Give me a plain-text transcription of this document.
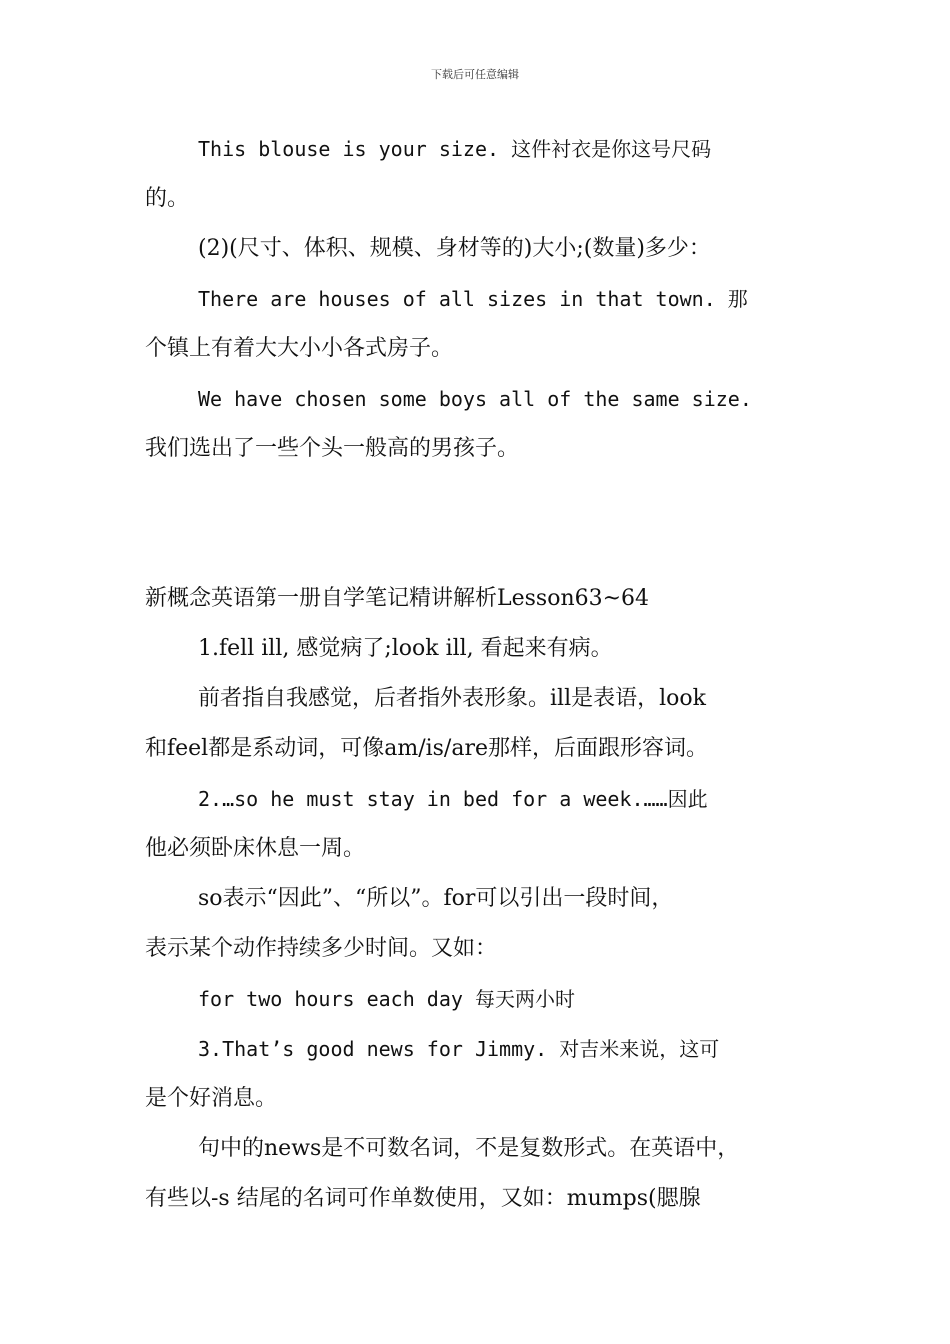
下载后可任意编辑
This blouse is your size. 这件衬衣是你这号尺码
的。
(2)(尺寸、体积、规模、身材等的)大小;(数量)多少：
There are houses of all sizes in that town. 那
个镇上有着大大小小各式房子。
We have chosen some boys all of the same size.
我们选出了一些个头一般高的男孩子。
新概念英语第一册自学笔记精讲解析Lesson63~64
1.fell ill, 感觉病了;look ill, 看起来有病。
前者指自我感觉，后者指外表形象。ill是表语，look
和feel都是系动词，可像am/is/are那样，后面跟形容词。
2.…so he must stay in bed for a week.……因此
他必须卧床休息一周。
so表示“因此”、“所以”。for可以引出一段时间，
表示某个动作持续多少时间。又如：
for two hours each day 每天两小时
3.That’s good news for Jimmy. 对吉米来说，这可
是个好消息。
句中的news是不可数名词，不是复数形式。在英语中，
有些以-s 结尾的名词可作单数使用，又如：mumps(腮腺
